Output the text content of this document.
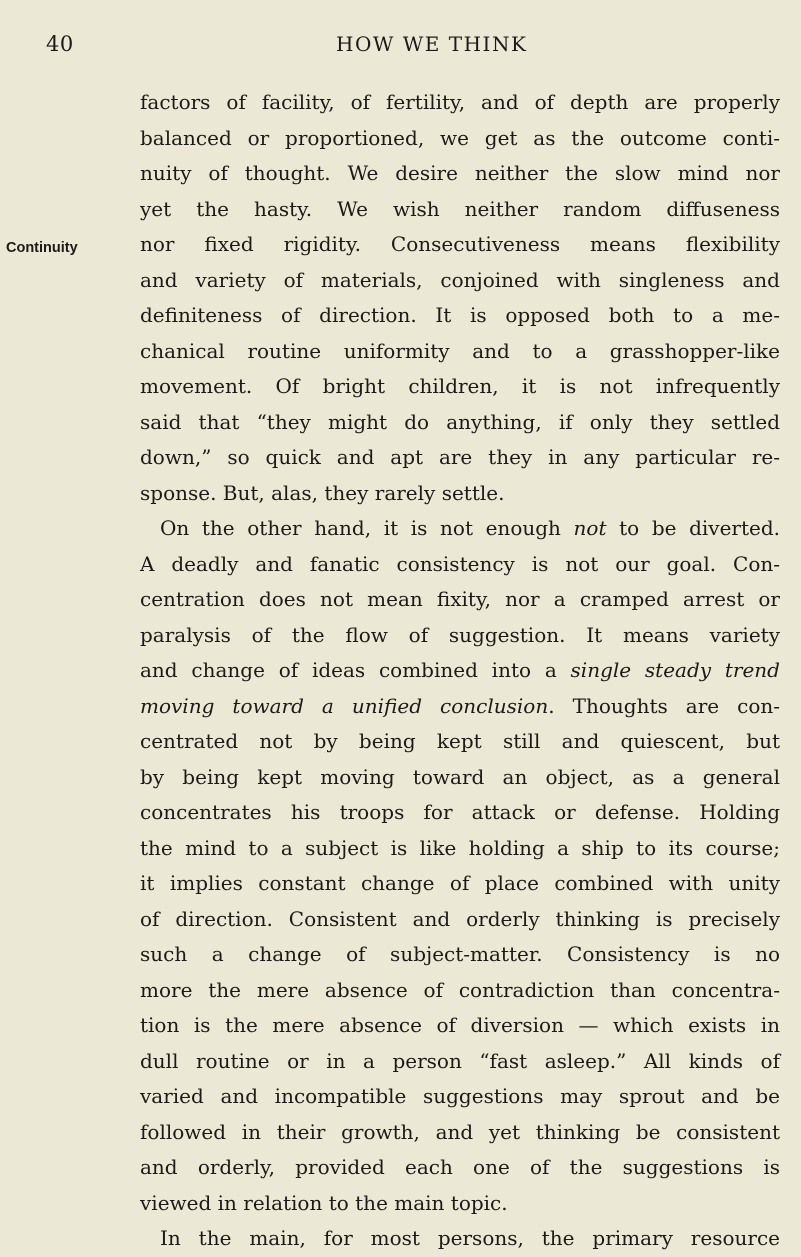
40	HOW WE THINK
Continuity
factors of facility, of fertility, and of depth are properly
balanced or proportioned, we get as the outcome conti-
nuity of thought. We desire neither the slow mind nor
yet the hasty. We wish neither random diffuseness
nor fixed rigidity. Consecutiveness means flexibility
and variety of materials, conjoined with singleness and
definiteness of direction. It is opposed both to a me-
chanical routine uniformity and to a grasshopper-like
movement. Of bright children, it is not infrequently
said that “they might do anything, if only they settled
down,” so quick and apt are they in any particular re-
sponse. But, alas, they rarely settle.
On the other hand, it is not enough not to be diverted.
A deadly and fanatic consistency is not our goal. Con-
centration does not mean fixity, nor a cramped arrest or
paralysis of the flow of suggestion. It means variety
and change of ideas combined into a single steady trend
moving toward a unified conclusion. Thoughts are con-
centrated not by being kept still and quiescent, but
by being kept moving toward an object, as a general
concentrates his troops for attack or defense. Holding
the mind to a subject is like holding a ship to its course;
it implies constant change of place combined with unity
of direction. Consistent and orderly thinking is precisely
such a change of subject-matter. Consistency is no
more the mere absence of contradiction than concentra-
tion is the mere absence of diversion — which exists in
dull routine or in a person “fast asleep.” All kinds of
varied and incompatible suggestions may sprout and be
followed in their growth, and yet thinking be consistent
and orderly, provided each one of the suggestions is
viewed in relation to the main topic.
In the main, for most persons, the primary resource
